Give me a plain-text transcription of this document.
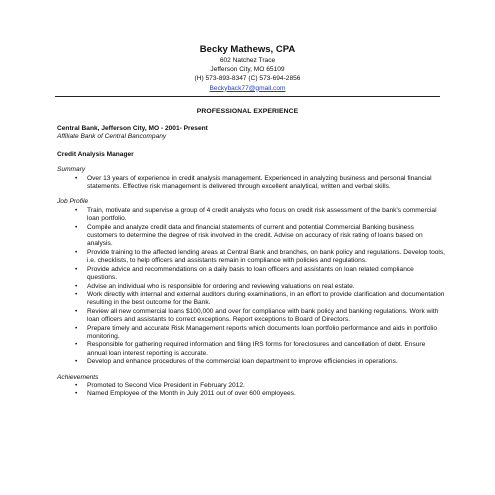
Becky Mathews, CPA
602 Natchez Trace
Jefferson City, MO 65109
(H) 573-893-8347 (C) 573-694-2856
Beckyback77@gmail.com
PROFESSIONAL EXPERIENCE
Central Bank, Jefferson City, MO - 2001- Present
Affiliate Bank of Central Bancompany
Credit Analysis Manager
Summary
• Over 13 years of experience in credit analysis management. Experienced in analyzing business and personal financial statements. Effective risk management is delivered through excellent analytical, written and verbal skills.
Job Profile
• Train, motivate and supervise a group of 4 credit analysts who focus on credit risk assessment of the bank's commercial loan portfolio.
• Compile and analyze credit data and financial statements of current and potential Commercial Banking business customers to determine the degree of risk involved in the credit. Advise on accuracy of risk rating of loans based on analysis.
• Provide training to the affected lending areas at Central Bank and branches, on bank policy and regulations. Develop tools, i.e. checklists, to help officers and assistants remain in compliance with policies and regulations.
• Provide advice and recommendations on a daily basis to loan officers and assistants on loan related compliance questions.
• Advise an individual who is responsible for ordering and reviewing valuations on real estate.
• Work directly with internal and external auditors during examinations, in an effort to provide clarification and documentation resulting in the best outcome for the Bank.
• Review all new commercial loans $100,000 and over for compliance with bank policy and banking regulations. Work with loan officers and assistants to correct exceptions. Report exceptions to Board of Directors.
• Prepare timely and accurate Risk Management reports which documents loan portfolio performance and aids in portfolio monitoring.
• Responsible for gathering required information and filing IRS forms for foreclosures and cancellation of debt. Ensure annual loan interest reporting is accurate.
• Develop and enhance procedures of the commercial loan department to improve efficiencies in operations.
Achievements
• Promoted to Second Vice President in February 2012.
• Named Employee of the Month in July 2011 out of over 600 employees.
